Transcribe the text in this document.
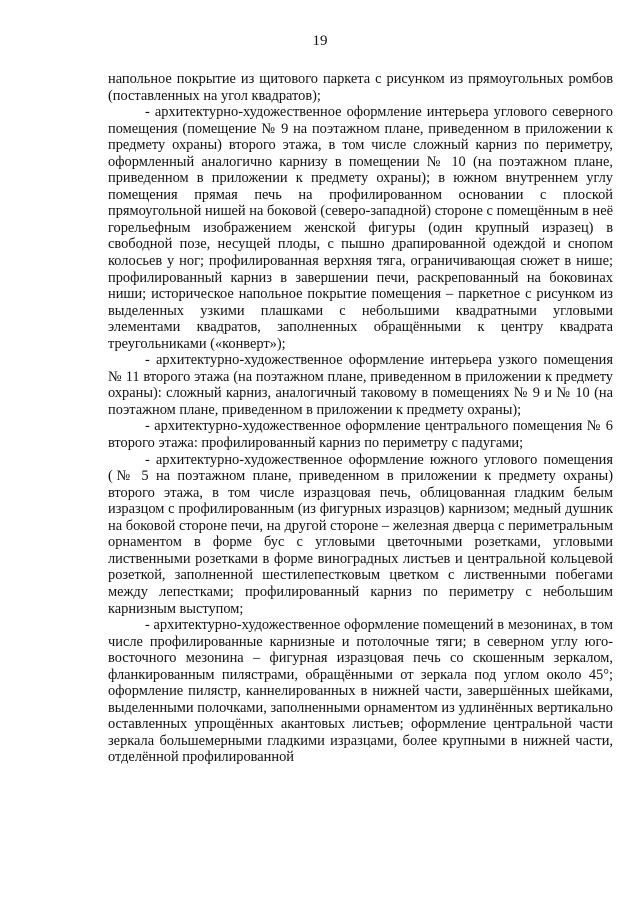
19

напольное покрытие из щитового паркета с рисунком из прямоугольных ромбов (поставленных на угол квадратов);

- архитектурно-художественное оформление интерьера углового северного помещения (помещение № 9 на поэтажном плане, приведенном в приложении к предмету охраны) второго этажа, в том числе сложный карниз по периметру, оформленный аналогично карнизу в помещении № 10 (на поэтажном плане, приведенном в приложении к предмету охраны); в южном внутреннем углу помещения прямая печь на профилированном основании с плоской прямоугольной нишей на боковой (северо-западной) стороне с помещённым в неё горельефным изображением женской фигуры (один крупный изразец) в свободной позе, несущей плоды, с пышно драпированной одеждой и снопом колосьев у ног; профилированная верхняя тяга, ограничивающая сюжет в нише; профилированный карниз в завершении печи, раскрепованный на боковинах ниши; историческое напольное покрытие помещения – паркетное с рисунком из выделенных узкими плашками с небольшими квадратными угловыми элементами квадратов, заполненных обращёнными к центру квадрата треугольниками («конверт»);

- архитектурно-художественное оформление интерьера узкого помещения № 11 второго этажа (на поэтажном плане, приведенном в приложении к предмету охраны): сложный карниз, аналогичный таковому в помещениях № 9 и № 10 (на поэтажном плане, приведенном в приложении к предмету охраны);

- архитектурно-художественное оформление центрального помещения № 6 второго этажа: профилированный карниз по периметру с падугами;

- архитектурно-художественное оформление южного углового помещения (№ 5 на поэтажном плане, приведенном в приложении к предмету охраны) второго этажа, в том числе изразцовая печь, облицованная гладким белым изразцом с профилированным (из фигурных изразцов) карнизом; медный душник на боковой стороне печи, на другой стороне – железная дверца с периметральным орнаментом в форме бус с угловыми цветочными розетками, угловыми лиственными розетками в форме виноградных листьев и центральной кольцевой розеткой, заполненной шестилепестковым цветком с лиственными побегами между лепестками; профилированный карниз по периметру с небольшим карнизным выступом;

- архитектурно-художественное оформление помещений в мезонинах, в том числе профилированные карнизные и потолочные тяги; в северном углу юго-восточного мезонина – фигурная изразцовая печь со скошенным зеркалом, фланкированным пилястрами, обращёнными от зеркала под углом около 45°; оформление пилястр, каннелированных в нижней части, завершённых шейками, выделенными полочками, заполненными орнаментом из удлинённых вертикально оставленных упрощённых акантовых листьев; оформление центральной части зеркала большемерными гладкими изразцами, более крупными в нижней части, отделённой профилированной
